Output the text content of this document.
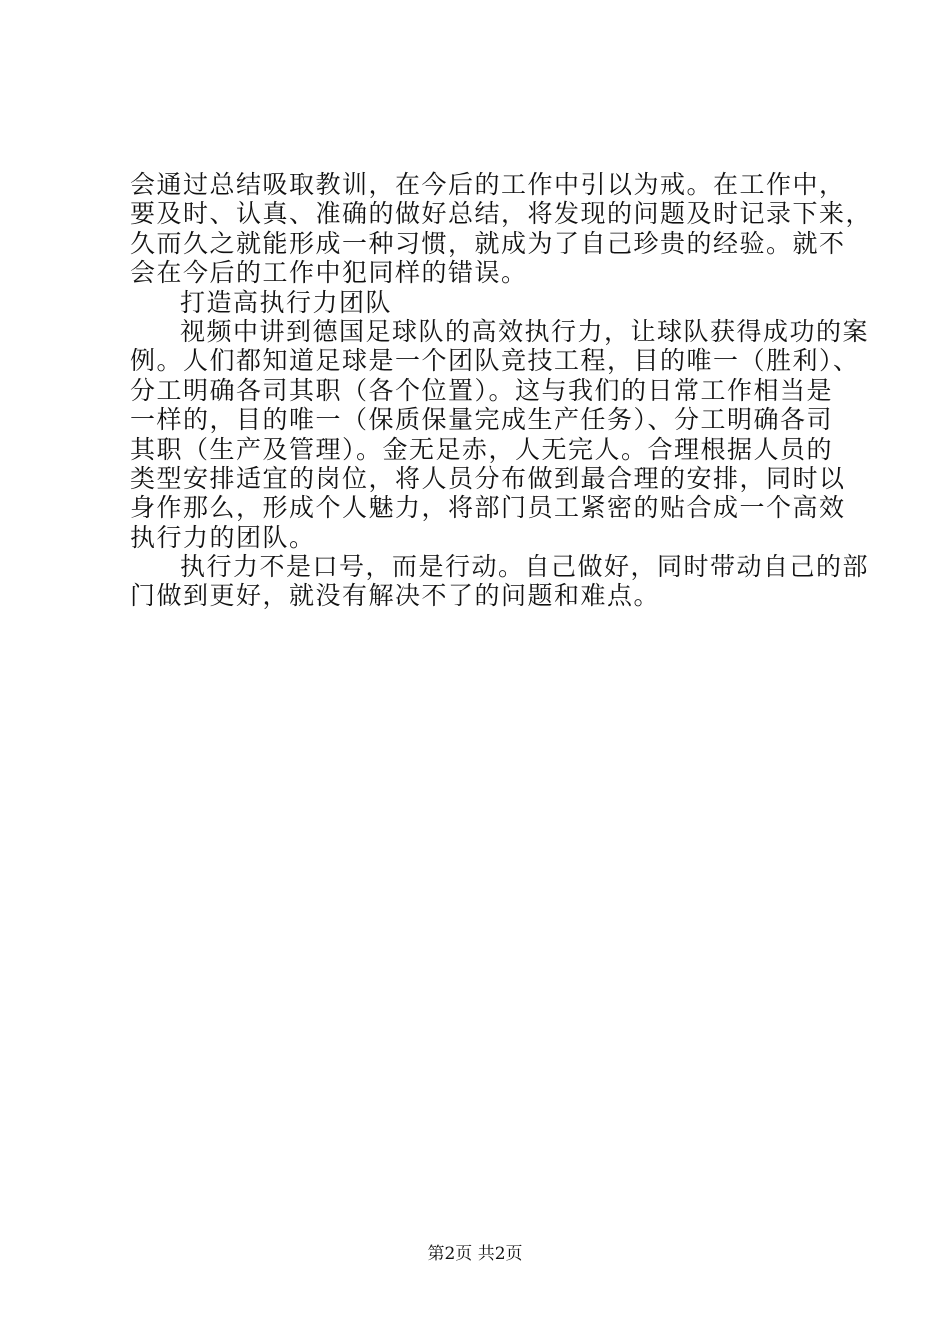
会通过总结吸取教训，在今后的工作中引以为戒。在工作中，
要及时、认真、准确的做好总结，将发现的问题及时记录下来，
久而久之就能形成一种习惯，就成为了自己珍贵的经验。就不
会在今后的工作中犯同样的错误。
打造高执行力团队
视频中讲到德国足球队的高效执行力，让球队获得成功的案
例。人们都知道足球是一个团队竞技工程，目的唯一（胜利）、
分工明确各司其职（各个位置）。这与我们的日常工作相当是
一样的，目的唯一（保质保量完成生产任务）、分工明确各司
其职（生产及管理）。金无足赤，人无完人。合理根据人员的
类型安排适宜的岗位，将人员分布做到最合理的安排，同时以
身作那么，形成个人魅力，将部门员工紧密的贴合成一个高效
执行力的团队。
执行力不是口号，而是行动。自己做好，同时带动自己的部
门做到更好，就没有解决不了的问题和难点。
第2页 共2页
